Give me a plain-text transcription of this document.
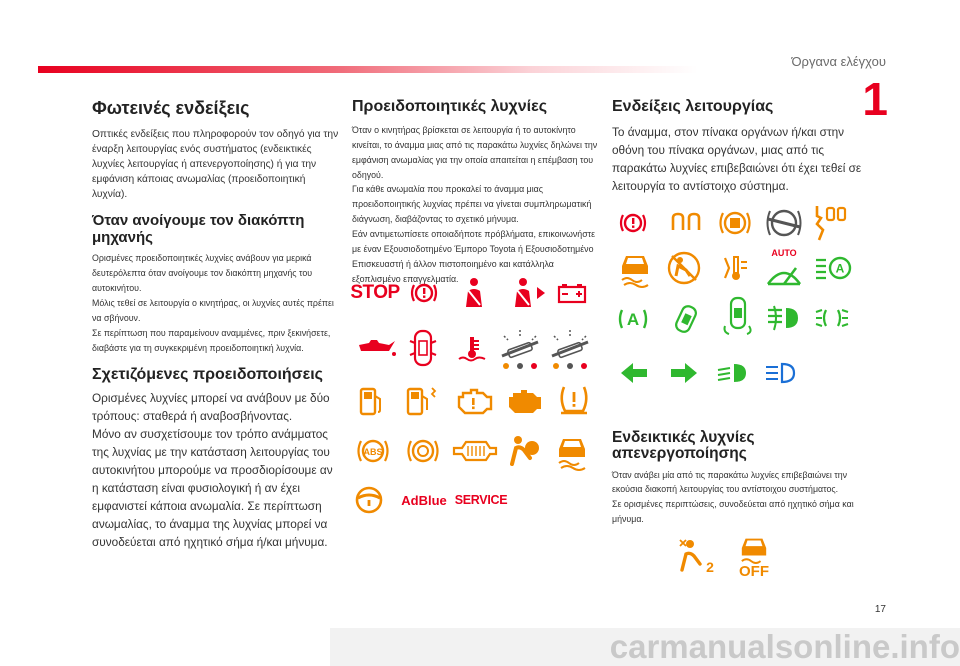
Όργανα ελέγχου
1
17
carmanualsonline.info
Φωτεινές ενδείξεις

Οπτικές ενδείξεις που πληροφορούν τον οδηγό για την έναρξη λειτουργίας ενός συστήματος (ενδεικτικές λυχνίες λειτουργίας ή απενεργοποίησης) ή για την εμφάνιση κάποιας ανωμαλίας (προειδοποιητική λυχνία).

Όταν ανοίγουμε τον διακόπτη μηχανής

Ορισμένες προειδοποιητικές λυχνίες ανάβουν για μερικά δευτερόλεπτα όταν ανοίγουμε τον διακόπτη μηχανής του αυτοκινήτου.
Μόλις τεθεί σε λειτουργία ο κινητήρας, οι λυχνίες αυτές πρέπει να σβήνουν.
Σε περίπτωση που παραμείνουν αναμμένες, πριν ξεκινήσετε, διαβάστε για τη συγκεκριμένη προειδοποιητική λυχνία.

Σχετιζόμενες προειδοποιήσεις

Ορισμένες λυχνίες μπορεί να ανάβουν με δύο τρόπους: σταθερά ή αναβοσβήνοντας.
Μόνο αν συσχετίσουμε τον τρόπο ανάμματος της λυχνίας με την κατάσταση λειτουργίας του αυτοκινήτου μπορούμε να προσδιορίσουμε αν η κατάσταση είναι φυσιολογική ή αν έχει εμφανιστεί κάποια ανωμαλία. Σε περίπτωση ανωμαλίας, το άναμμα της λυχνίας μπορεί να συνοδεύεται από ηχητικό σήμα ή/και μήνυμα.

Προειδοποιητικές λυχνίες

Όταν ο κινητήρας βρίσκεται σε λειτουργία ή το αυτοκίνητο κινείται, το άναμμα μιας από τις παρακάτω λυχνίες δηλώνει την εμφάνιση ανωμαλίας για την οποία απαιτείται η επέμβαση του οδηγού.
Για κάθε ανωμαλία που προκαλεί το άναμμα μιας προειδοποιητικής λυχνίας πρέπει να γίνεται συμπληρωματική διάγνωση, διαβάζοντας το σχετικό μήνυμα.
Εάν αντιμετωπίσετε οποιαδήποτε πρόβλήματα, επικοινωνήστε με έναν Εξουσιοδοτημένο Έμπορο Toyota ή Εξουσιοδοτημένο Επισκευαστή ή άλλον πιστοποιημένο και κατάλληλα εξοπλισμένο επαγγελματία.

STOP
ABS
AdBlue SERVICE
Ενδείξεις λειτουργίας

Το άναμμα, στον πίνακα οργάνων ή/και στην οθόνη του πίνακα οργάνων, μιας από τις παρακάτω λυχνίες επιβεβαιώνει ότι έχει τεθεί σε λειτουργία το αντίστοιχο σύστημα.

AUTO
A
A
Ενδεικτικές λυχνίες
απενεργοποίησης

Όταν ανάβει μία από τις παρακάτω λυχνίες επιβεβαιώνει την εκούσια διακοπή λειτουργίας του αντίστοιχου συστήματος.
Σε ορισμένες περιπτώσεις, συνοδεύεται από ηχητικό σήμα και μήνυμα.

2 OFF
